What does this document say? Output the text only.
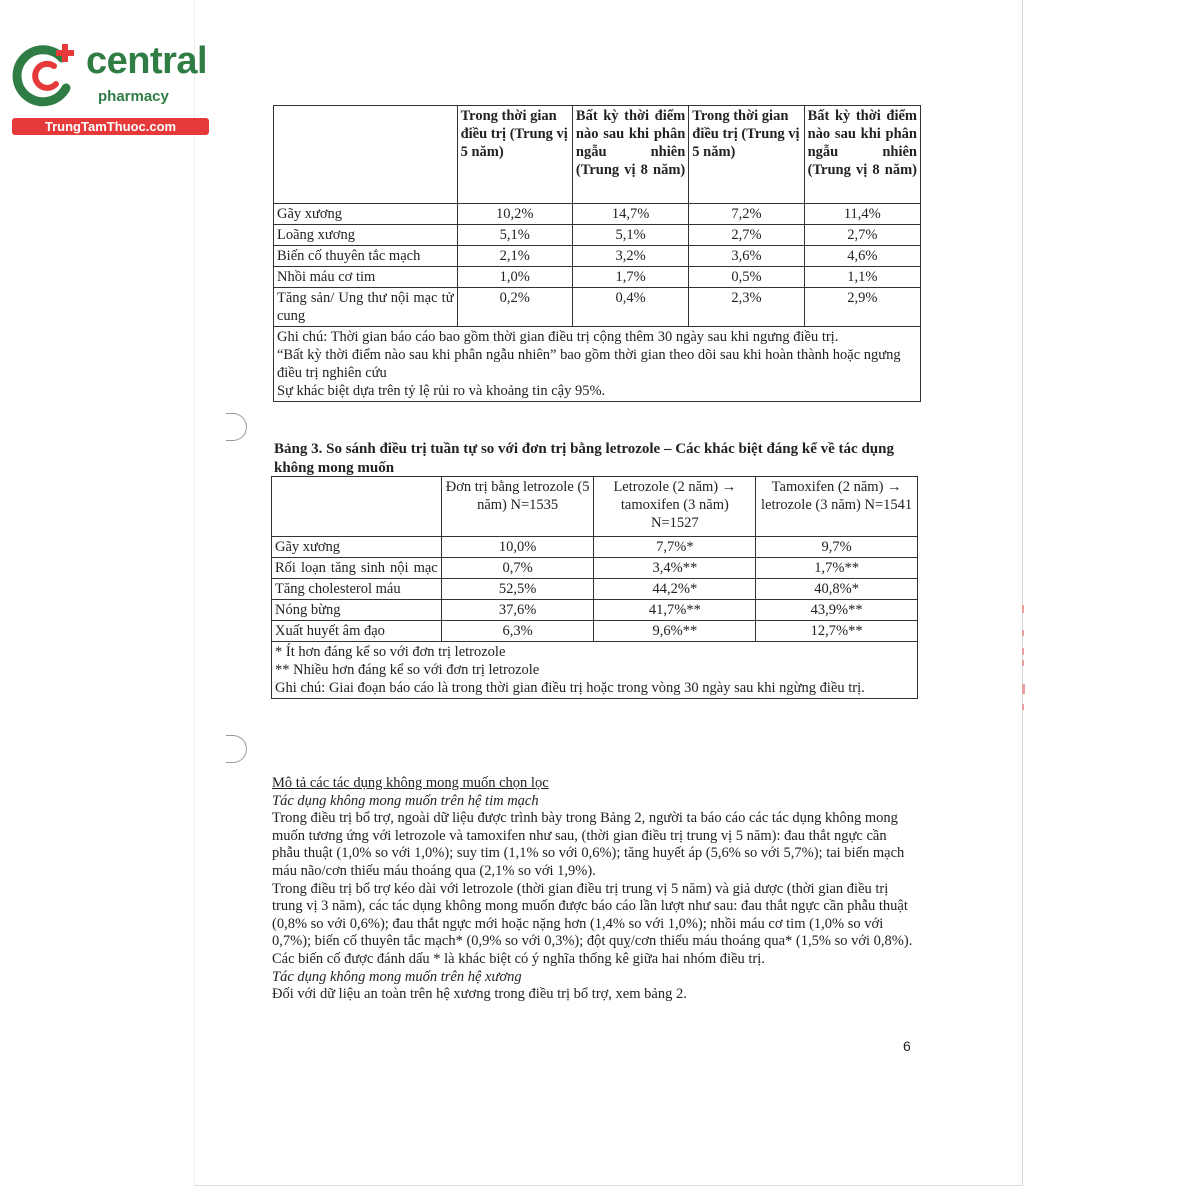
central
pharmacy
TrungTamThuoc.com
	Trong thời gian điều trị (Trung vị 5 năm)	Bất kỳ thời điểm nào sau khi phân ngẫu nhiên (Trung vị 8 năm)	Trong thời gian điều trị (Trung vị 5 năm)	Bất kỳ thời điểm nào sau khi phân ngẫu nhiên (Trung vị 8 năm)
Gãy xương	10,2%	14,7%	7,2%	11,4%
Loãng xương	5,1%	5,1%	2,7%	2,7%
Biến cố thuyên tắc mạch	2,1%	3,2%	3,6%	4,6%
Nhồi máu cơ tim	1,0%	1,7%	0,5%	1,1%
Tăng sản/ Ung thư nội mạc tử cung	0,2%	0,4%	2,3%	2,9%

Ghi chú: Thời gian báo cáo bao gồm thời gian điều trị cộng thêm 30 ngày sau khi ngưng điều trị.
“Bất kỳ thời điểm nào sau khi phân ngẫu nhiên” bao gồm thời gian theo dõi sau khi hoàn thành hoặc ngưng điều trị nghiên cứu
Sự khác biệt dựa trên tỷ lệ rủi ro và khoảng tin cậy 95%.				
Bảng 3. So sánh điều trị tuần tự so với đơn trị bằng letrozole – Các khác biệt đáng kể về tác dụng không mong muốn
	Đơn trị bằng letrozole (5 năm) N=1535	Letrozole (2 năm) → tamoxifen (3 năm) N=1527	Tamoxifen (2 năm) → letrozole (3 năm) N=1541
Gãy xương	10,0%	7,7%*	9,7%
Rối loạn tăng sinh nội mạc	0,7%	3,4%**	1,7%**
Tăng cholesterol máu	52,5%	44,2%*	40,8%*
Nóng bừng	37,6%	41,7%**	43,9%**
Xuất huyết âm đạo	6,3%	9,6%**	12,7%**

* Ít hơn đáng kể so với đơn trị letrozole
** Nhiều hơn đáng kể so với đơn trị letrozole
Ghi chú: Giai đoạn báo cáo là trong thời gian điều trị hoặc trong vòng 30 ngày sau khi ngừng điều trị.			

Mô tả các tác dụng không mong muốn chọn lọc

Tác dụng không mong muốn trên hệ tim mạch

Trong điều trị bổ trợ, ngoài dữ liệu được trình bày trong Bảng 2, người ta báo cáo các tác dụng không mong muốn tương ứng với letrozole và tamoxifen như sau, (thời gian điều trị trung vị 5 năm): đau thắt ngực cần phẫu thuật (1,0% so với 1,0%); suy tim (1,1% so với 0,6%); tăng huyết áp (5,6% so với 5,7%); tai biến mạch máu não/cơn thiếu máu thoáng qua (2,1% so với 1,9%).

Trong điều trị bổ trợ kéo dài với letrozole (thời gian điều trị trung vị 5 năm) và giả dược (thời gian điều trị trung vị 3 năm), các tác dụng không mong muốn được báo cáo lần lượt như sau: đau thắt ngực cần phẫu thuật (0,8% so với 0,6%); đau thắt ngực mới hoặc nặng hơn (1,4% so với 1,0%); nhồi máu cơ tim (1,0% so với 0,7%); biến cố thuyên tắc mạch* (0,9% so với 0,3%); đột quỵ/cơn thiếu máu thoáng qua* (1,5% so với 0,8%).

Các biến cố được đánh dấu * là khác biệt có ý nghĩa thống kê giữa hai nhóm điều trị.

Tác dụng không mong muốn trên hệ xương

Đối với dữ liệu an toàn trên hệ xương trong điều trị bổ trợ, xem bảng 2.

6
